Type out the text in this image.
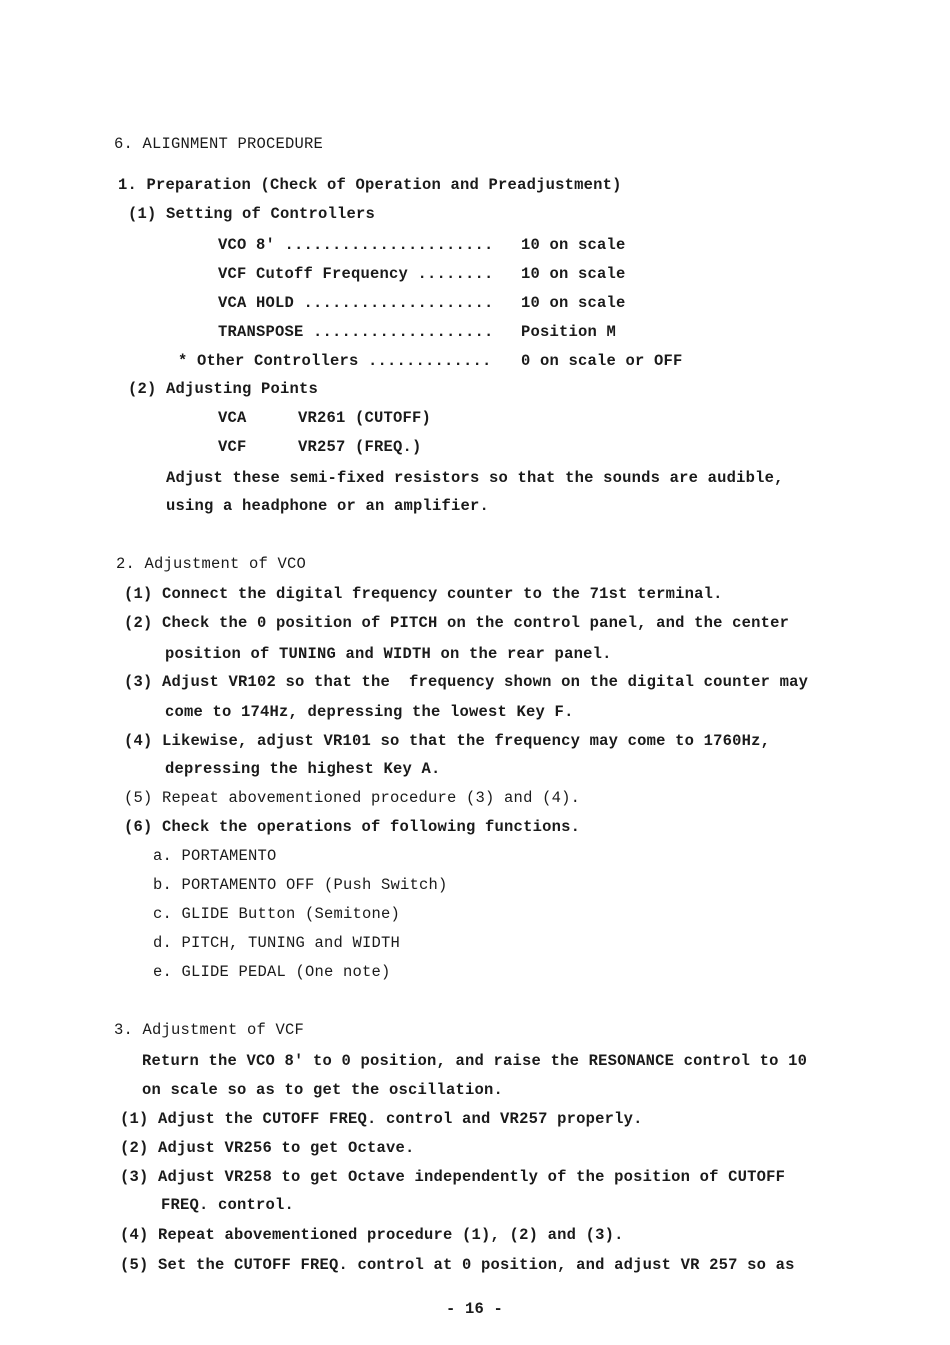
6. ALIGNMENT PROCEDURE
1. Preparation (Check of Operation and Preadjustment)
(1) Setting of Controllers
VCO 8' ...................... 10 on scale
VCF Cutoff Frequency ........ 10 on scale
VCA HOLD .................... 10 on scale
TRANSPOSE ................... Position M
* Other Controllers ............. 0 on scale or OFF
(2) Adjusting Points
VCA	VR261 (CUTOFF)
VCF	VR257 (FREQ.)
Adjust these semi-fixed resistors so that the sounds are audible,
using a headphone or an amplifier.
2. Adjustment of VCO
(1) Connect the digital frequency counter to the 71st terminal.
(2) Check the 0 position of PITCH on the control panel, and the center
position of TUNING and WIDTH on the rear panel.
(3) Adjust VR102 so that the  frequency shown on the digital counter may
come to 174Hz, depressing the lowest Key F.
(4) Likewise, adjust VR101 so that the frequency may come to 1760Hz,
depressing the highest Key A.
(5) Repeat abovementioned procedure (3) and (4).
(6) Check the operations of following functions.
a. PORTAMENTO
b. PORTAMENTO OFF (Push Switch)
c. GLIDE Button (Semitone)
d. PITCH, TUNING and WIDTH
e. GLIDE PEDAL (One note)
3. Adjustment of VCF
Return the VCO 8' to 0 position, and raise the RESONANCE control to 10
on scale so as to get the oscillation.
(1) Adjust the CUTOFF FREQ. control and VR257 properly.
(2) Adjust VR256 to get Octave.
(3) Adjust VR258 to get Octave independently of the position of CUTOFF
FREQ. control.
(4) Repeat abovementioned procedure (1), (2) and (3).
(5) Set the CUTOFF FREQ. control at 0 position, and adjust VR 257 so as
- 16 -
